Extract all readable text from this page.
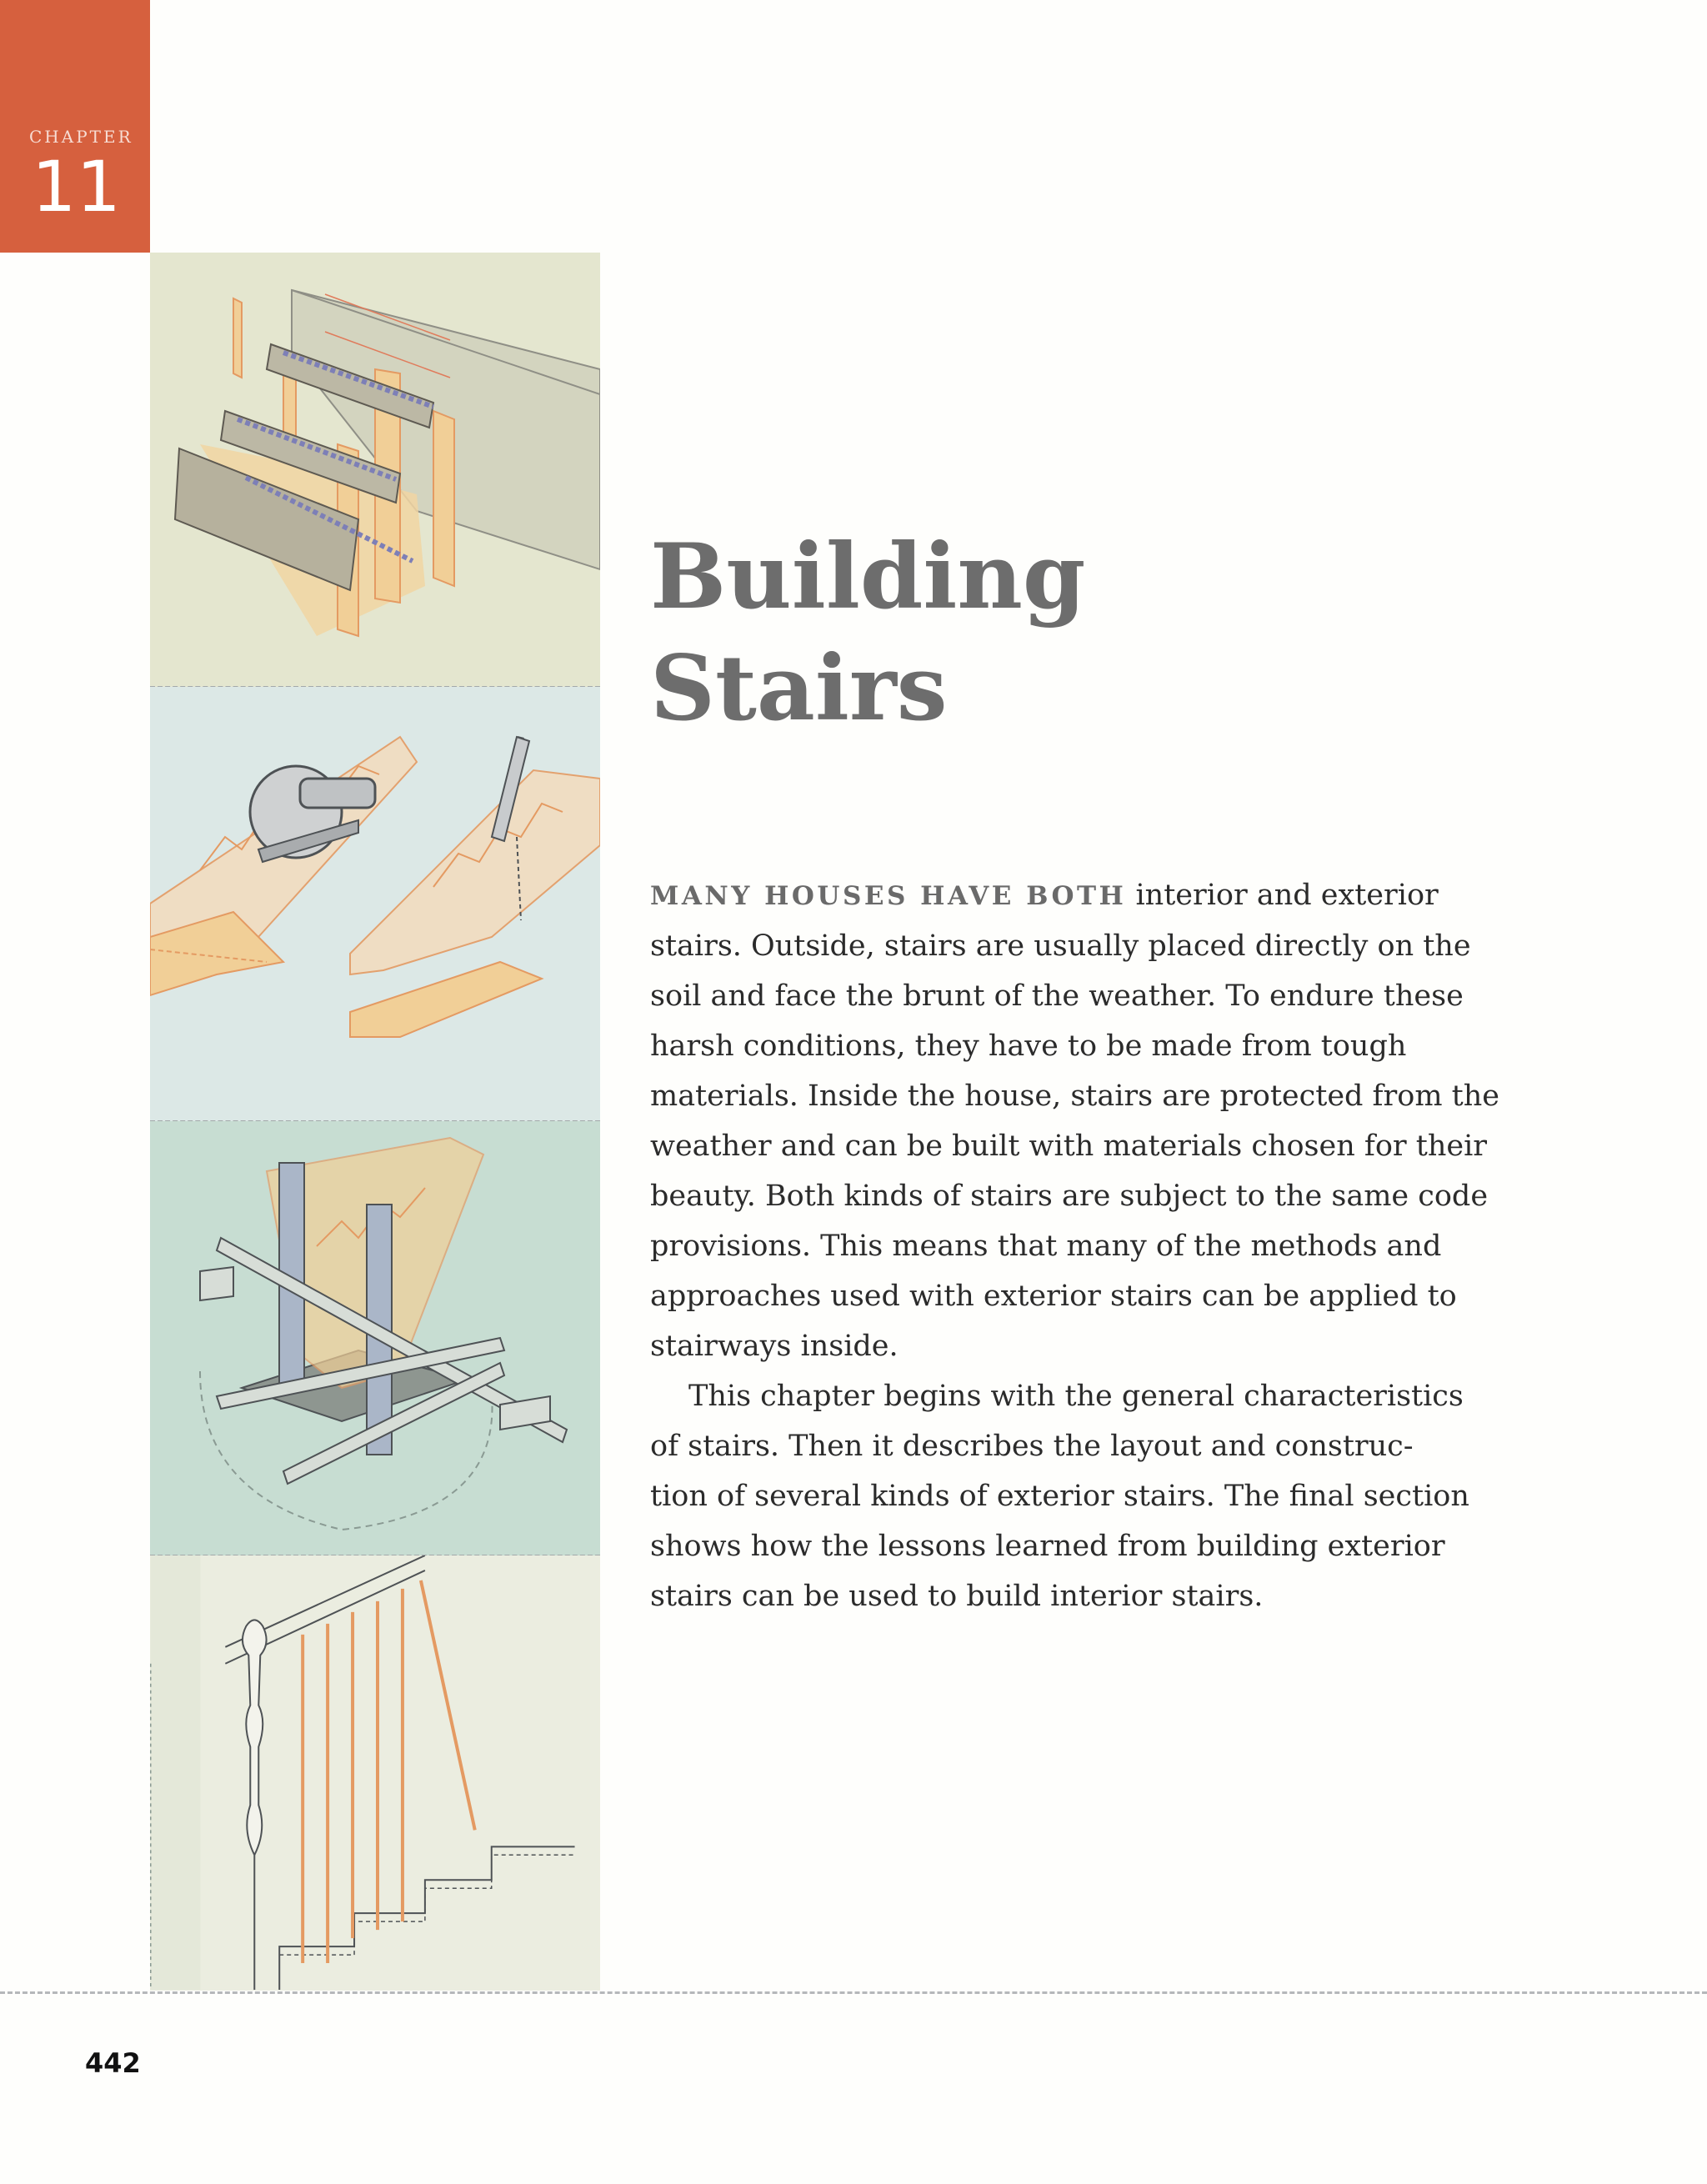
CHAPTER
11
Building
Stairs
MANY HOUSES HAVE BOTH interior and exterior
stairs. Outside, stairs are usually placed directly on the
soil and face the brunt of the weather. To endure these
harsh conditions, they have to be made from tough
materials. Inside the house, stairs are protected from the
weather and can be built with materials chosen for their
beauty. Both kinds of stairs are subject to the same code
provisions. This means that many of the methods and
approaches used with exterior stairs can be applied to
stairways inside.
This chapter begins with the general characteristics
of stairs. Then it describes the layout and construc-
tion of several kinds of exterior stairs. The final section
shows how the lessons learned from building exterior
stairs can be used to build interior stairs.
442
